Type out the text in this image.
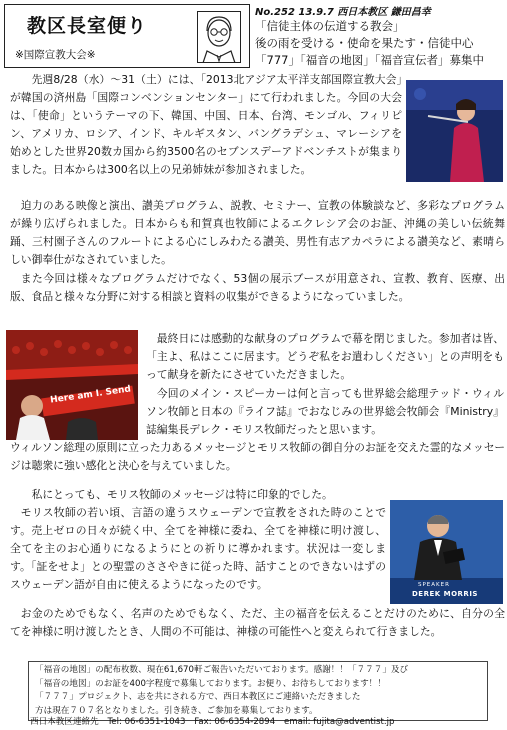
教区長室便り
※国際宣教大会※
No.252 13.9.7 西日本教区 鎌田昌幸
「信徒主体の伝道する教会」
後の雨を受ける・使命を果たす・信徒中心
「777」「福音の地図」「福音宣伝者」募集中

先週8/28（水）～31（土）には、「2013北アジア太平洋支部国際宣教大会」が韓国の済州島「国際コンベンションセンター」にて行われました。今回の大会は、「使命」というテーマの下、韓国、中国、日本、台湾、モンゴル、フィリピン、アメリカ、ロシア、インド、キルギスタン、バングラデシュ、マレーシアを始めとした世界20数カ国から約3500名のセブンスデーアドベンチストが集まりました。日本からは300名以上の兄弟姉妹が参加されました。

迫力のある映像と演出、讃美プログラム、説教、セミナー、宣教の体験談など、多彩なプログラムが繰り広げられました。日本からも和賀真也牧師によるエクレシア会のお証、沖縄の美しい伝統舞踊、三村園子さんのフルートによる心にしみわたる讃美、男性有志アカペラによる讃美など、素晴らしい御奉仕がなされていました。

また今回は様々なプログラムだけでなく、53個の展示ブースが用意され、宣教、教育、医療、出版、食品と様々な分野に対する相談と資料の収集ができるようになっていました。

Here am I. Send

最終日には感動的な献身のプログラムで幕を閉じました。参加者は皆、「主よ、私はここに居ます。どうぞ私をお遣わしください」との声明をもって献身を新たにさせていただきました。

今回のメイン・スピーカーは何と言っても世界総会総理テッド・ウィルソン牧師と日本の『ライフ誌』でおなじみの世界総会牧師会『Ministry』誌編集長デレク・モリス牧師だったと思います。

ウィルソン総理の原則に立った力あるメッセージとモリス牧師の御自分のお証を交えた霊的なメッセージは聴衆に強い感化と決心を与えていました。

SPEAKER
DEREK MORRIS

私にとっても、モリス牧師のメッセージは特に印象的でした。

モリス牧師の若い頃、言語の違うスウェーデンで宣教をされた時のことです。売上ゼロの日々が続く中、全てを神様に委ね、全てを神様に明け渡し、全てを主のお心通りになるようにとの祈りに導かれます。状況は一変します。「証をせよ」との聖霊のささやきに従った時、話すことのできないはずのスウェーデン語が自由に使えるようになったのです。

お金のためでもなく、名声のためでもなく、ただ、主の福音を伝えることだけのために、自分の全てを神様に明け渡したとき、人間の不可能は、神様の可能性へと変えられて行きました。

「福音の地図」の配布枚数、現在61,670軒ご報告いただいております。感謝！！「７７７」及び
「福音の地図」のお証を400字程度で募集しております。お便り、お待ちしております！！
「７７７」プロジェクト、志を共にされる方で、西日本教区にご連絡いただきました
方は現在７０７名となりました。引き続き、ご参加を募集しております。
西日本教区連絡先 Tel: 06-6351-1043 Fax: 06-6354-2894 email: fujita@adventist.jp
